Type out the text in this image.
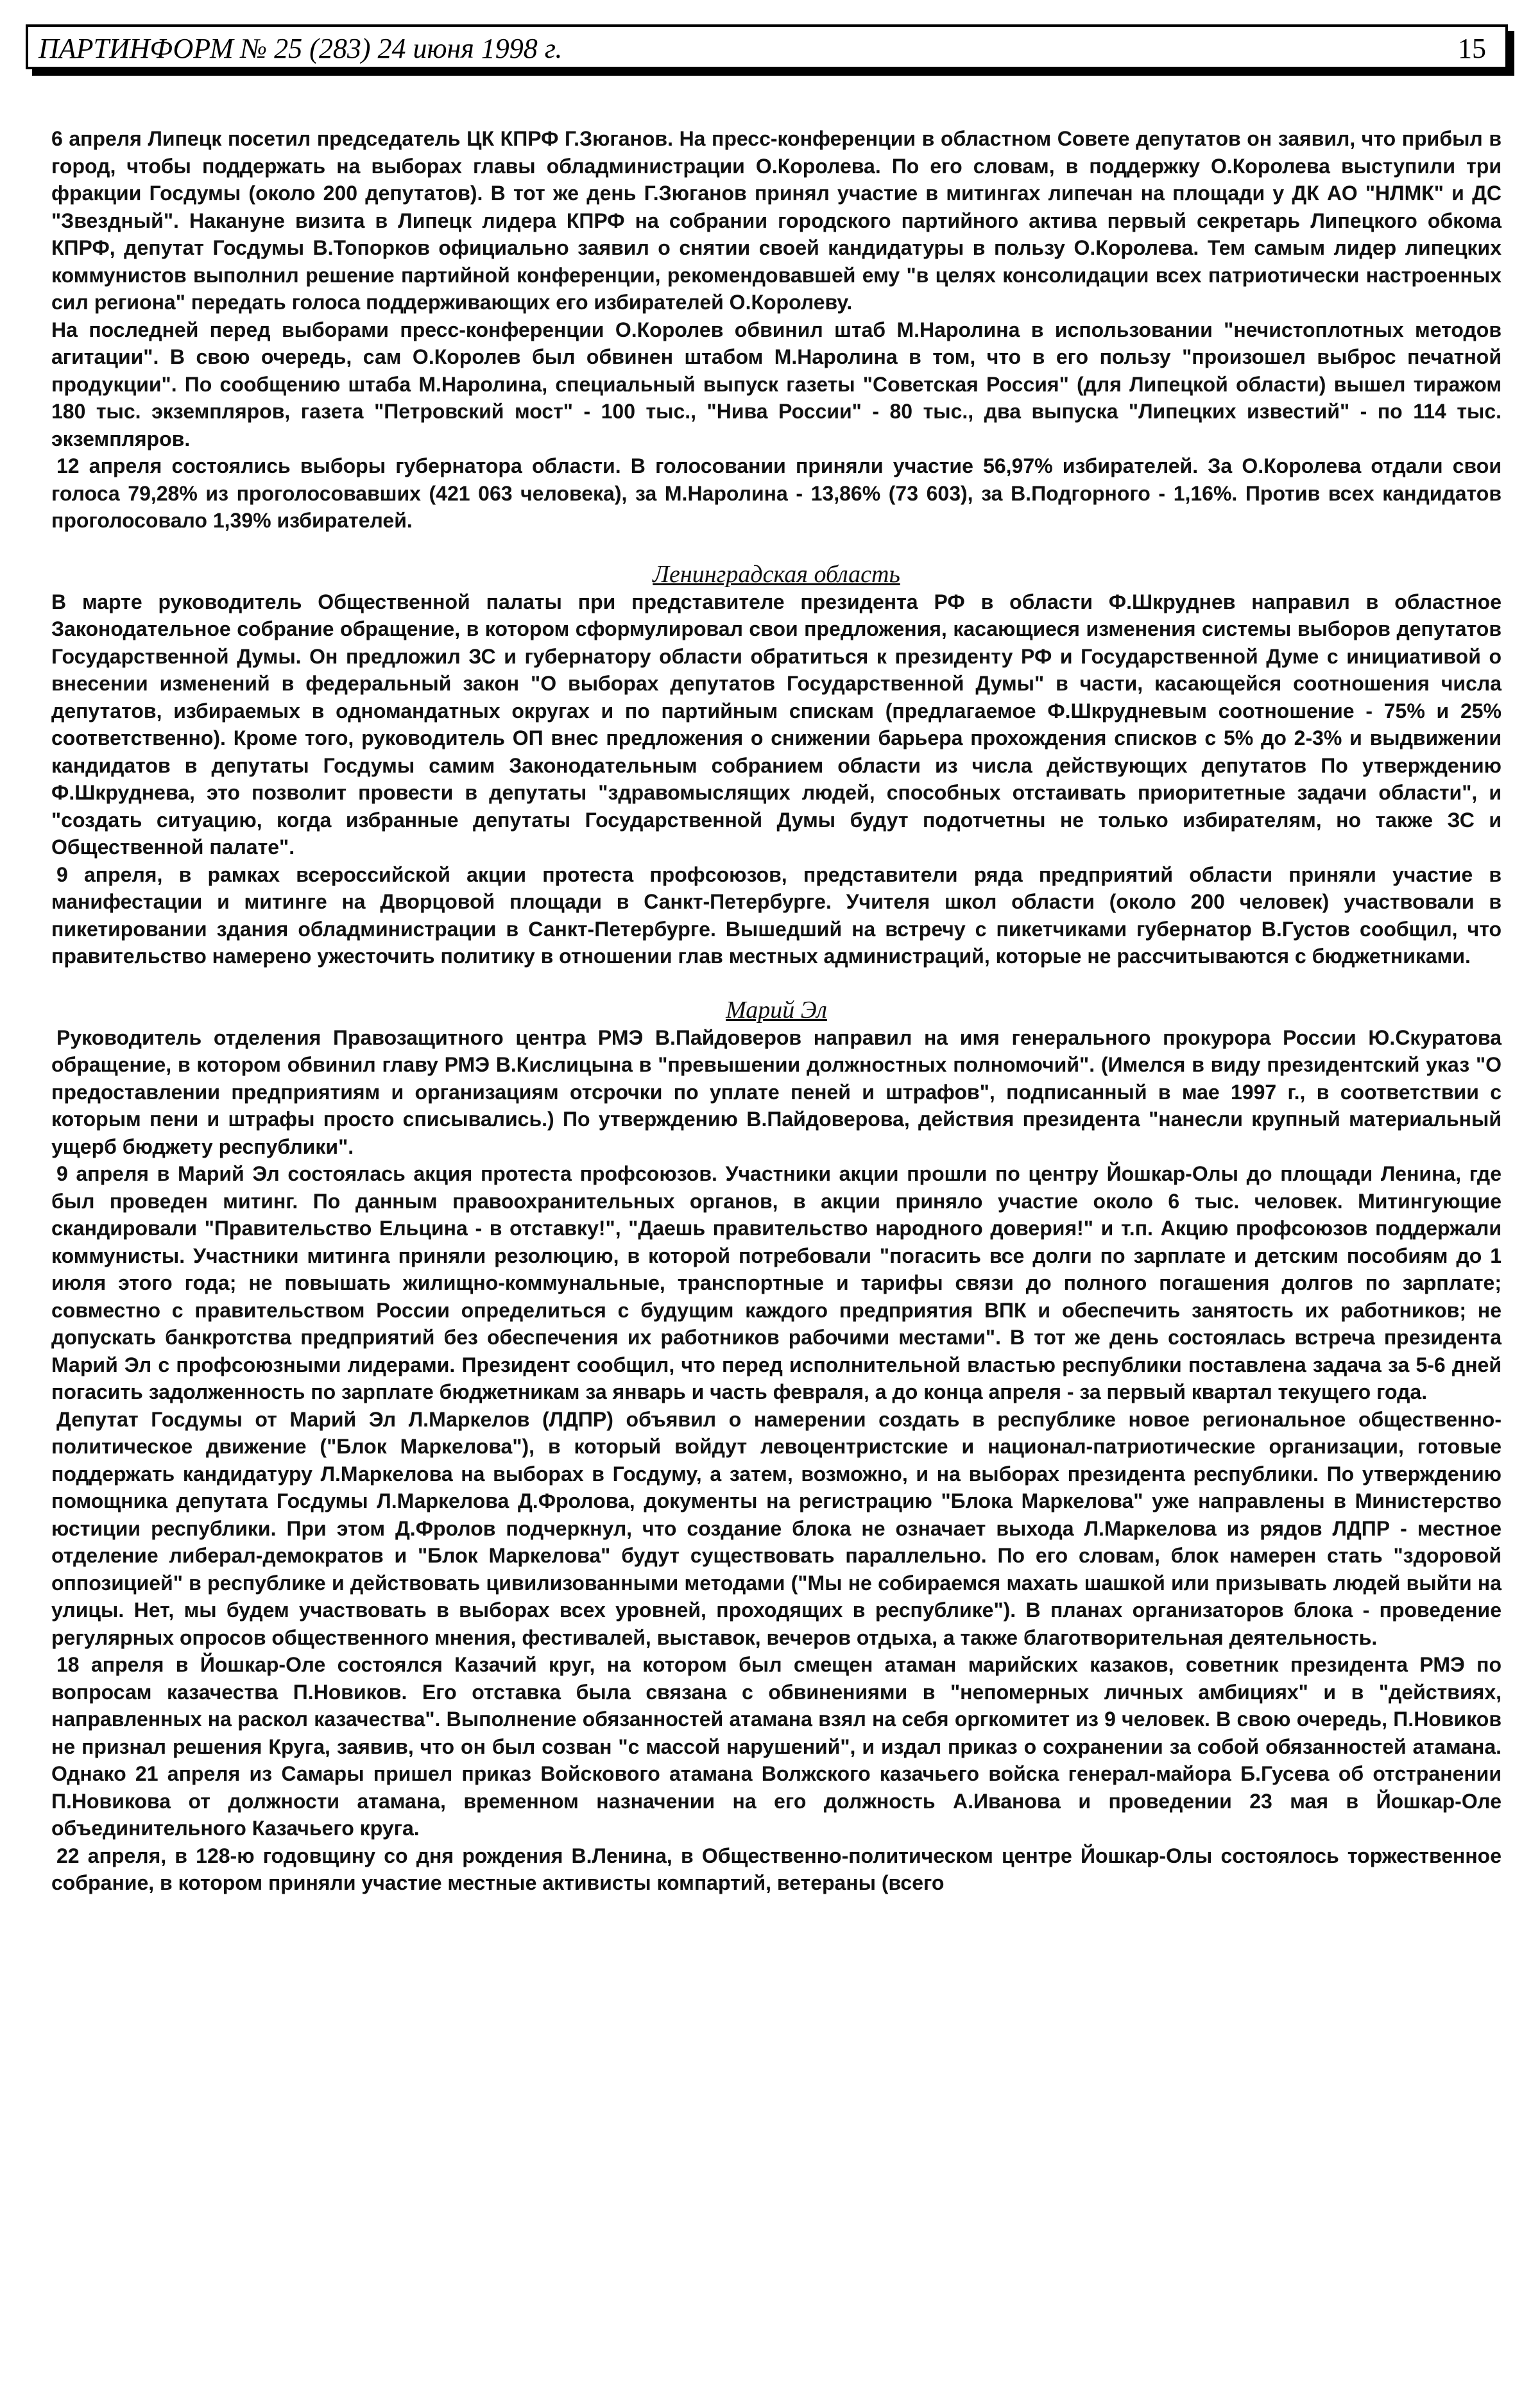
ПАРТИНФОРМ № 25 (283) 24 июня 1998 г.	15

6 апреля Липецк посетил председатель ЦК КПРФ Г.Зюганов. На пресс-конференции в областном Совете депутатов он заявил, что прибыл в город, чтобы поддержать на выборах главы обладминистрации О.Королева. По его словам, в поддержку О.Королева выступили три фракции Госдумы (около 200 депутатов). В тот же день Г.Зюганов принял участие в митингах липечан на площади у ДК АО "НЛМК" и ДС "Звездный". Накануне визита в Липецк лидера КПРФ на собрании городского партийного актива первый секретарь Липецкого обкома КПРФ, депутат Госдумы В.Топорков официально заявил о снятии своей кандидатуры в пользу О.Королева. Тем самым лидер липецких коммунистов выполнил решение партийной конференции, рекомендовавшей ему "в целях консолидации всех патриотически настроенных сил региона" передать голоса поддерживающих его избирателей О.Королеву.

На последней перед выборами пресс-конференции О.Королев обвинил штаб М.Наролина в использовании "нечистоплотных методов агитации". В свою очередь, сам О.Королев был обвинен штабом М.Наролина в том, что в его пользу "произошел выброс печатной продукции". По сообщению штаба М.Наролина, специальный выпуск газеты "Советская Россия" (для Липецкой области) вышел тиражом 180 тыс. экземпляров, газета "Петровский мост" - 100 тыс., "Нива России" - 80 тыс., два выпуска "Липецких известий" - по 114 тыс. экземпляров.

12 апреля состоялись выборы губернатора области. В голосовании приняли участие 56,97% избирателей. За О.Королева отдали свои голоса 79,28% из проголосовавших (421 063 человека), за М.Наролина - 13,86% (73 603), за В.Подгорного - 1,16%. Против всех кандидатов проголосовало 1,39% избирателей.

Ленинградская область

В марте руководитель Общественной палаты при представителе президента РФ в области Ф.Шкруднев направил в областное Законодательное собрание обращение, в котором сформулировал свои предложения, касающиеся изменения системы выборов депутатов Государственной Думы. Он предложил ЗС и губернатору области обратиться к президенту РФ и Государственной Думе с инициативой о внесении изменений в федеральный закон "О выборах депутатов Государственной Думы" в части, касающейся соотношения числа депутатов, избираемых в одномандатных округах и по партийным спискам (предлагаемое Ф.Шкрудневым соотношение - 75% и 25% соответственно). Кроме того, руководитель ОП внес предложения о снижении барьера прохождения списков с 5% до 2-3% и выдвижении кандидатов в депутаты Госдумы самим Законодательным собранием области из числа действующих депутатов По утверждению Ф.Шкруднева, это позволит провести в депутаты "здравомыслящих людей, способных отстаивать приоритетные задачи области", и "создать ситуацию, когда избранные депутаты Государственной Думы будут подотчетны не только избирателям, но также ЗС и Общественной палате".

9 апреля, в рамках всероссийской акции протеста профсоюзов, представители ряда предприятий области приняли участие в манифестации и митинге на Дворцовой площади в Санкт-Петербурге. Учителя школ области (около 200 человек) участвовали в пикетировании здания обладминистрации в Санкт-Петербурге. Вышедший на встречу с пикетчиками губернатор В.Густов сообщил, что правительство намерено ужесточить политику в отношении глав местных администраций, которые не рассчитываются с бюджетниками.

Марий Эл

Руководитель отделения Правозащитного центра РМЭ В.Пайдоверов направил на имя генерального прокурора России Ю.Скуратова обращение, в котором обвинил главу РМЭ В.Кислицына в "превышении должностных полномочий". (Имелся в виду президентский указ "О предоставлении предприятиям и организациям отсрочки по уплате пеней и штрафов", подписанный в мае 1997 г., в соответствии с которым пени и штрафы просто списывались.) По утверждению В.Пайдоверова, действия президента "нанесли крупный материальный ущерб бюджету республики".

9 апреля в Марий Эл состоялась акция протеста профсоюзов. Участники акции прошли по центру Йошкар-Олы до площади Ленина, где был проведен митинг. По данным правоохранительных органов, в акции приняло участие около 6 тыс. человек. Митингующие скандировали "Правительство Ельцина - в отставку!", "Даешь правительство народного доверия!" и т.п. Акцию профсоюзов поддержали коммунисты. Участники митинга приняли резолюцию, в которой потребовали "погасить все долги по зарплате и детским пособиям до 1 июля этого года; не повышать жилищно-коммунальные, транспортные и тарифы связи до полного погашения долгов по зарплате; совместно с правительством России определиться с будущим каждого предприятия ВПК и обеспечить занятость их работников; не допускать банкротства предприятий без обеспечения их работников рабочими местами". В тот же день состоялась встреча президента Марий Эл с профсоюзными лидерами. Президент сообщил, что перед исполнительной властью республики поставлена задача за 5-6 дней погасить задолженность по зарплате бюджетникам за январь и часть февраля, а до конца апреля - за первый квартал текущего года.

Депутат Госдумы от Марий Эл Л.Маркелов (ЛДПР) объявил о намерении создать в республике новое региональное общественно-политическое движение ("Блок Маркелова"), в который войдут левоцентристские и национал-патриотические организации, готовые поддержать кандидатуру Л.Маркелова на выборах в Госдуму, а затем, возможно, и на выборах президента республики. По утверждению помощника депутата Госдумы Л.Маркелова Д.Фролова, документы на регистрацию "Блока Маркелова" уже направлены в Министерство юстиции республики. При этом Д.Фролов подчеркнул, что создание блока не означает выхода Л.Маркелова из рядов ЛДПР - местное отделение либерал-демократов и "Блок Маркелова" будут существовать параллельно. По его словам, блок намерен стать "здоровой оппозицией" в республике и действовать цивилизованными методами ("Мы не собираемся махать шашкой или призывать людей выйти на улицы. Нет, мы будем участвовать в выборах всех уровней, проходящих в республике"). В планах организаторов блока - проведение регулярных опросов общественного мнения, фестивалей, выставок, вечеров отдыха, а также благотворительная деятельность.

18 апреля в Йошкар-Оле состоялся Казачий круг, на котором был смещен атаман марийских казаков, советник президента РМЭ по вопросам казачества П.Новиков. Его отставка была связана с обвинениями в "непомерных личных амбициях" и в "действиях, направленных на раскол казачества". Выполнение обязанностей атамана взял на себя оргкомитет из 9 человек. В свою очередь, П.Новиков не признал решения Круга, заявив, что он был созван "с массой нарушений", и издал приказ о сохранении за собой обязанностей атамана. Однако 21 апреля из Самары пришел приказ Войскового атамана Волжского казачьего войска генерал-майора Б.Гусева об отстранении П.Новикова от должности атамана, временном назначении на его должность А.Иванова и проведении 23 мая в Йошкар-Оле объединительного Казачьего круга.

22 апреля, в 128-ю годовщину со дня рождения В.Ленина, в Общественно-политическом центре Йошкар-Олы состоялось торжественное собрание, в котором приняли участие местные активисты компартий, ветераны (всего
